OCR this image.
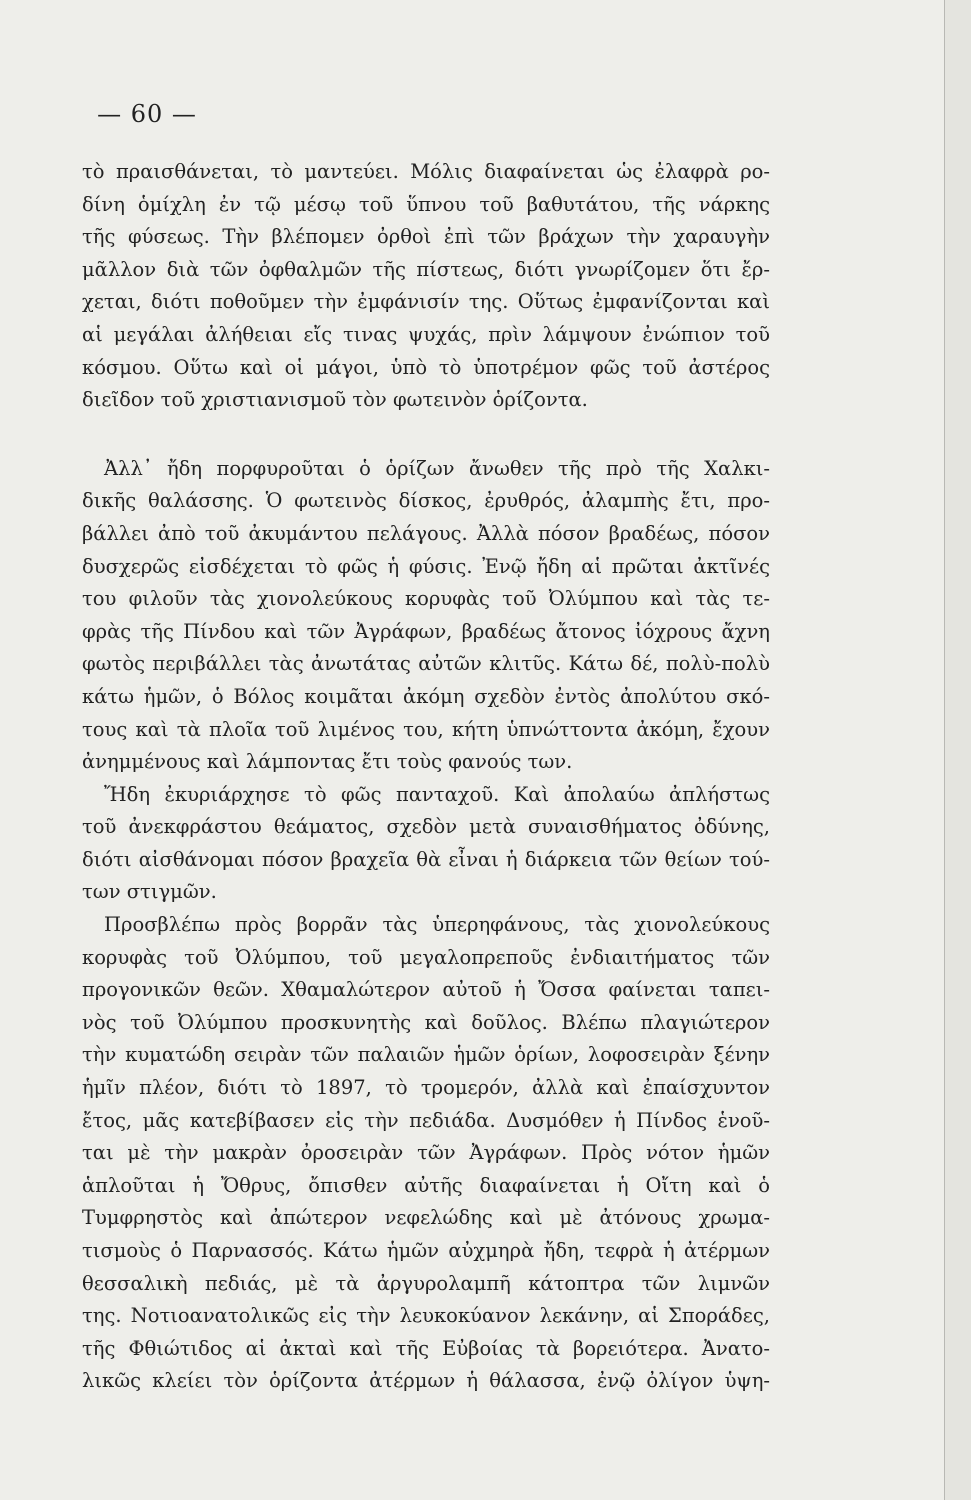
— 60 —
τὸ πραισθάνεται, τὸ μαντεύει. Μόλις διαφαίνεται ὡς ἐλαφρὰ ρο-
δίνη ὁμίχλη ἐν τῷ μέσῳ τοῦ ὕπνου τοῦ βαθυτάτου, τῆς νάρκης
τῆς φύσεως. Τὴν βλέπομεν ὀρθοὶ ἐπὶ τῶν βράχων τὴν χαραυγὴν
μᾶλλον διὰ τῶν ὀφθαλμῶν τῆς πίστεως, διότι γνωρίζομεν ὅτι ἔρ-
χεται, διότι ποθοῦμεν τὴν ἐμφάνισίν της. Οὕτως ἐμφανίζονται καὶ
αἱ μεγάλαι ἀλήθειαι εἴς τινας ψυχάς, πρὶν λάμψουν ἐνώπιον τοῦ
κόσμου. Οὕτω καὶ οἱ μάγοι, ὑπὸ τὸ ὑποτρέμον φῶς τοῦ ἀστέρος
διεῖδον τοῦ χριστιανισμοῦ τὸν φωτεινὸν ὁρίζοντα.
Ἀλλ᾽ ἤδη πορφυροῦται ὁ ὁρίζων ἄνωθεν τῆς πρὸ τῆς Χαλκι-
δικῆς θαλάσσης. Ὁ φωτεινὸς δίσκος, ἐρυθρός, ἀλαμπὴς ἔτι, προ-
βάλλει ἀπὸ τοῦ ἀκυμάντου πελάγους. Ἀλλὰ πόσον βραδέως, πόσον
δυσχερῶς εἰσδέχεται τὸ φῶς ἡ φύσις. Ἐνῷ ἤδη αἱ πρῶται ἀκτῖνές
του φιλοῦν τὰς χιονολεύκους κορυφὰς τοῦ Ὀλύμπου καὶ τὰς τε-
φρὰς τῆς Πίνδου καὶ τῶν Ἀγράφων, βραδέως ἄτονος ἰόχρους ἄχνη
φωτὸς περιβάλλει τὰς ἀνωτάτας αὐτῶν κλιτῦς. Κάτω δέ, πολὺ-πολὺ
κάτω ἡμῶν, ὁ Βόλος κοιμᾶται ἀκόμη σχεδὸν ἐντὸς ἀπολύτου σκό-
τους καὶ τὰ πλοῖα τοῦ λιμένος του, κήτη ὑπνώττοντα ἀκόμη, ἔχουν
ἀνημμένους καὶ λάμποντας ἔτι τοὺς φανούς των.
Ἤδη ἐκυριάρχησε τὸ φῶς πανταχοῦ. Καὶ ἀπολαύω ἀπλήστως
τοῦ ἀνεκφράστου θεάματος, σχεδὸν μετὰ συναισθήματος ὀδύνης,
διότι αἰσθάνομαι πόσον βραχεῖα θὰ εἶναι ἡ διάρκεια τῶν θείων τού-
των στιγμῶν.
Προσβλέπω πρὸς βορρᾶν τὰς ὑπερηφάνους, τὰς χιονολεύκους
κορυφὰς τοῦ Ὀλύμπου, τοῦ μεγαλοπρεποῦς ἐνδιαιτήματος τῶν
προγονικῶν θεῶν. Χθαμαλώτερον αὐτοῦ ἡ Ὄσσα φαίνεται ταπει-
νὸς τοῦ Ὀλύμπου προσκυνητὴς καὶ δοῦλος. Βλέπω πλαγιώτερον
τὴν κυματώδη σειρὰν τῶν παλαιῶν ἡμῶν ὁρίων, λοφοσειρὰν ξένην
ἡμῖν πλέον, διότι τὸ 1897, τὸ τρομερόν, ἀλλὰ καὶ ἐπαίσχυντον
ἔτος, μᾶς κατεβίβασεν εἰς τὴν πεδιάδα. Δυσμόθεν ἡ Πίνδος ἑνοῦ-
ται μὲ τὴν μακρὰν ὀροσειρὰν τῶν Ἀγράφων. Πρὸς νότον ἡμῶν
ἁπλοῦται ἡ Ὄθρυς, ὄπισθεν αὐτῆς διαφαίνεται ἡ Οἴτη καὶ ὁ
Τυμφρηστὸς καὶ ἀπώτερον νεφελώδης καὶ μὲ ἀτόνους χρωμα-
τισμοὺς ὁ Παρνασσός. Κάτω ἡμῶν αὐχμηρὰ ἤδη, τεφρὰ ἡ ἀτέρμων
θεσσαλικὴ πεδιάς, μὲ τὰ ἀργυρολαμπῆ κάτοπτρα τῶν λιμνῶν
της. Νοτιοανατολικῶς εἰς τὴν λευκοκύανον λεκάνην, αἱ Σποράδες,
τῆς Φθιώτιδος αἱ ἀκταὶ καὶ τῆς Εὐβοίας τὰ βορειότερα. Ἀνατο-
λικῶς κλείει τὸν ὁρίζοντα ἀτέρμων ἡ θάλασσα, ἐνῷ ὀλίγον ὑψη-
